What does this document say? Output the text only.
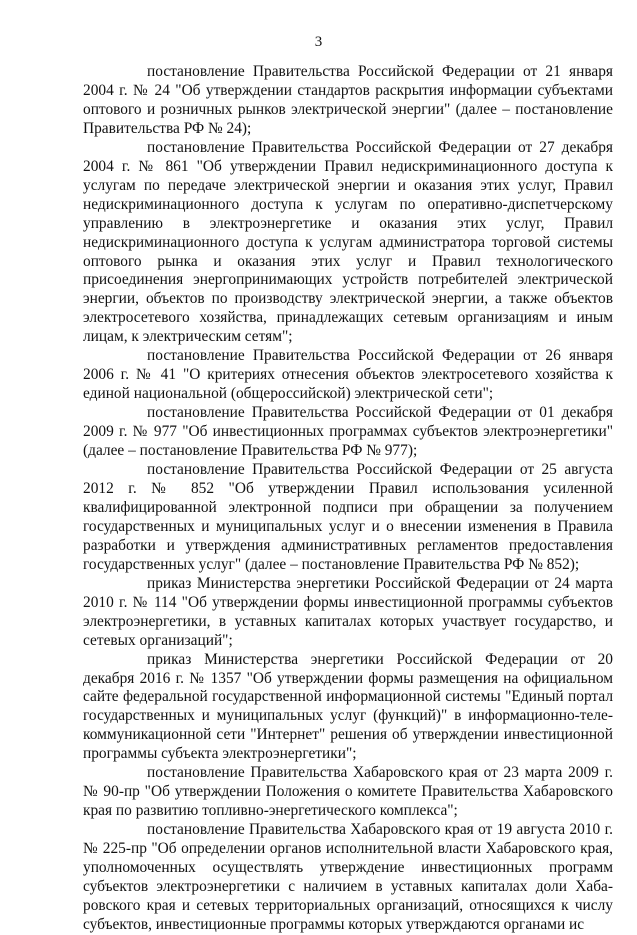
3

постановление Правительства Российской Федерации от 21 января 2004 г. № 24 "Об утверждении стандартов раскрытия информации субъектами оптового и розничных рынков электрической энергии" (далее – постановление Правительства РФ № 24);

постановление Правительства Российской Федерации от 27 декабря 2004 г. № 861 "Об утверждении Правил недискриминационного доступа к услугам по передаче электрической энергии и оказания этих услуг, Правил недискриминационного доступа к услугам по оперативно-диспетчерскому управлению в электроэнергетике и оказания этих услуг, Правил недискриминационного доступа к услугам администратора торговой системы оптового рынка и оказания этих услуг и Правил технологического присоединения энергопринимающих устройств потребителей электрической энергии, объектов по производству электрической энергии, а также объектов электросетевого хозяйства, принадлежащих сетевым организациям и иным лицам, к электрическим сетям";

постановление Правительства Российской Федерации от 26 января 2006 г. № 41 "О критериях отнесения объектов электросетевого хозяйства к единой национальной (общероссийской) электрической сети";

постановление Правительства Российской Федерации от 01 декабря 2009 г. № 977 "Об инвестиционных программах субъектов электроэнергетики" (далее – постановление Правительства РФ № 977);

постановление Правительства Российской Федерации от 25 августа 2012 г. № 852 "Об утверждении Правил использования усиленной квалифицированной электронной подписи при обращении за получением государственных и муниципальных услуг и о внесении изменения в Правила разработки и утверждения административных регламентов предоставления государственных услуг" (далее – постановление Правительства РФ № 852);

приказ Министерства энергетики Российской Федерации от 24 марта 2010 г. № 114 "Об утверждении формы инвестиционной программы субъектов электроэнергетики, в уставных капиталах которых участвует государство, и сетевых организаций";

приказ Министерства энергетики Российской Федерации от 20 декабря 2016 г. № 1357 "Об утверждении формы размещения на официальном сайте федеральной государственной информационной системы "Единый портал государственных и муниципальных услуг (функций)" в информационно-телекоммуникационной сети "Интернет" решения об утверждении инвестиционной программы субъекта электроэнергетики";

постановление Правительства Хабаровского края от 23 марта 2009 г. № 90-пр "Об утверждении Положения о комитете Правительства Хабаровского края по развитию топливно-энергетического комплекса";

постановление Правительства Хабаровского края от 19 августа 2010 г. № 225-пр "Об определении органов исполнительной власти Хабаровского края, уполномоченных осуществлять утверждение инвестиционных программ субъектов электроэнергетики с наличием в уставных капиталах доли Хабаровского края и сетевых территориальных организаций, относящихся к числу субъектов, инвестиционные программы которых утверждаются органами ис
